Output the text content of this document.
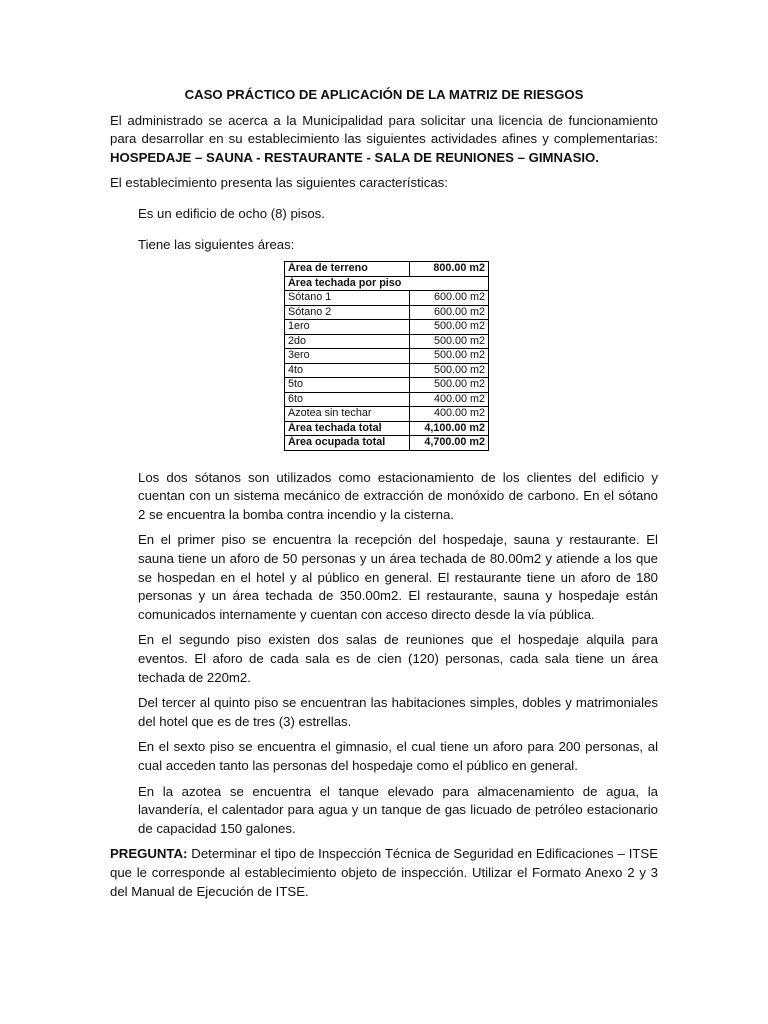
CASO PRÁCTICO DE APLICACIÓN DE LA MATRIZ DE RIESGOS

El administrado se acerca a la Municipalidad para solicitar una licencia de funcionamiento para desarrollar en su establecimiento las siguientes actividades afines y complementarias: HOSPEDAJE – SAUNA - RESTAURANTE - SALA DE REUNIONES – GIMNASIO.

El establecimiento presenta las siguientes características:

Es un edificio de ocho (8) pisos.

Tiene las siguientes áreas:

Área de terreno	800.00 m2
Área techada por piso	
Sótano 1	600.00 m2
Sótano 2	600.00 m2
1ero	500.00 m2
2do	500.00 m2
3ero	500.00 m2
4to	500.00 m2
5to	500.00 m2
6to	400.00 m2
Azotea sin techar	400.00 m2
Área techada total	4,100.00 m2
Área ocupada total	4,700.00 m2

Los dos sótanos son utilizados como estacionamiento de los clientes del edificio y cuentan con un sistema mecánico de extracción de monóxido de carbono. En el sótano 2 se encuentra la bomba contra incendio y la cisterna.

En el primer piso se encuentra la recepción del hospedaje, sauna y restaurante. El sauna tiene un aforo de 50 personas y un área techada de 80.00m2 y atiende a los que se hospedan en el hotel y al público en general. El restaurante tiene un aforo de 180 personas y un área techada de 350.00m2. El restaurante, sauna y hospedaje están comunicados internamente y cuentan con acceso directo desde la vía pública.

En el segundo piso existen dos salas de reuniones que el hospedaje alquila para eventos. El aforo de cada sala es de cien (120) personas, cada sala tiene un área techada de 220m2.

Del tercer al quinto piso se encuentran las habitaciones simples, dobles y matrimoniales del hotel que es de tres (3) estrellas.

En el sexto piso se encuentra el gimnasio, el cual tiene un aforo para 200 personas, al cual acceden tanto las personas del hospedaje como el público en general.

En la azotea se encuentra el tanque elevado para almacenamiento de agua, la lavandería, el calentador para agua y un tanque de gas licuado de petróleo estacionario de capacidad 150 galones.

PREGUNTA: Determinar el tipo de Inspección Técnica de Seguridad en Edificaciones – ITSE que le corresponde al establecimiento objeto de inspección. Utilizar el Formato Anexo 2 y 3 del Manual de Ejecución de ITSE.
